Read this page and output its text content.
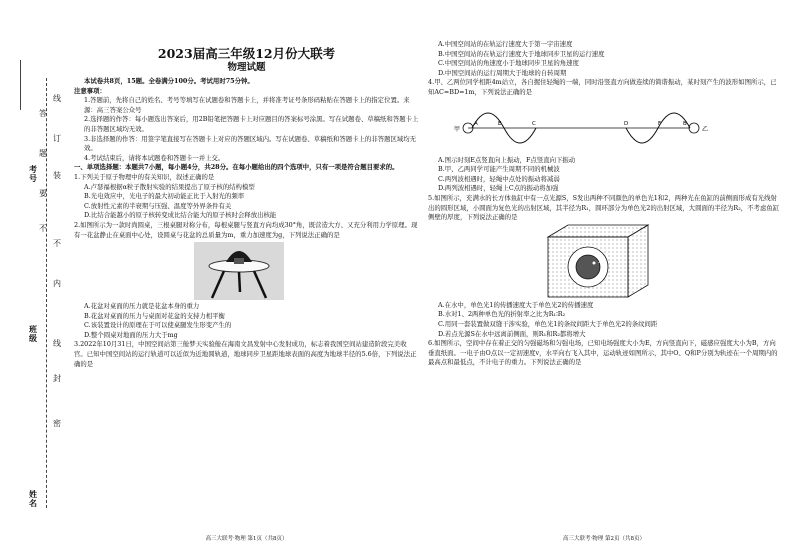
考号
班级
姓名
线
订
装
不
内
线
封
密
答
题
要
不
2023届高三年级12月份大联考
物理试题

本试卷共8页，15题。全卷满分100分。考试用时75分钟。

注意事项：

1.答题前，先将自己的姓名、考号等填写在试题卷和答题卡上，并将准考证号条形码粘贴在答题卡上的指定位置。来源：高三答案公众号

2.选择题的作答：每小题选出答案后，用2B铅笔把答题卡上对应题目的答案标号涂黑。写在试题卷、草稿纸和答题卡上的非答题区域均无效。

3.非选择题的作答：用签字笔直接写在答题卡上对应的答题区域内。写在试题卷、草稿纸和答题卡上的非答题区域均无效。

4.考试结束后，请将本试题卷和答题卡一并上交。

一、单项选择题：本题共7小题，每小题4分，共28分。在每小题给出的四个选项中，只有一项是符合题目要求的。

1.下列关于原子物理中的有关知识，叙述正确的是

A.卢瑟福根据α粒子散射实验的结果提出了原子核的结构模型

B.光电效应中，光电子的最大初动能正比于入射光的频率

C.放射性元素的半衰期与压强、温度等外界条件有关

D.比结合能越小的原子核转变成比结合能大的原子核时会释放出核能

2.如图所示为一款时尚圆桌，三根桌腿对称分布，每根桌腿与竖直方向均成30°角，既营造大方、又充分利用力学原理。现有一花盆静止在桌面中心处，设圆桌与花盆的总质量为m，重力加速度为g，下列说法正确的是

A.花盆对桌面的压力就是花盆本身的重力

B.花盆对桌面的压力与桌面对花盆的支持力相平衡

C.该装置设计的原理在于可以使桌腿发生形变产生的

D.整个圆桌对地面的压力大于mg

3.2022年10月31日，中国空间站第三舱梦天实验舱在海南文昌发射中心发射成功，标志着我国空间站建造阶段完美收官。已知中国空间站的运行轨道可以近似为近地圆轨道，地球同步卫星距地球表面的高度为地球半径的5.6倍，下列说法正确的是

高三大联考·物理 第1页（共8页）

A.中国空间站的在轨运行速度大于第一宇宙速度

B.中国空间站的在轨运行速度大于地球同步卫星的运行速度

C.中国空间站的角速度小于地球同步卫星的角速度

D.中国空间站的运行周期大于地球的自转周期

4.甲、乙两位同学相距4m站立，各自握住轻绳的一端，同时沿竖直方向做连续的简谐振动，某时刻产生的波形如图所示，已知AC=BD=1m，下列说法正确的是

甲	乙
A	E	C	D	F	B

A.图示时刻E点竖直向上振动，F点竖直向下振动

B.甲、乙两同学可能产生周期不同的机械波

C.两列波相遇时，轻绳中点处的振动将减弱

D.两列波相遇时，轻绳上C点的振动将加强

5.如图所示，充满水的长方体鱼缸中有一点光源S，S发出两种不同颜色的单色光1和2，两种光在鱼缸的前侧面形成有光线射出的圆形区域，小圆面为复色光的出射区域，其半径为R₁，圆环部分为单色光2的出射区域，大圆面的半径为R₂，不考虑鱼缸侧壁的厚度，下列说法正确的是

S

A.在水中，单色光1的传播速度大于单色光2的传播速度

B.水对1、2两种单色光的折射率之比为R₁∶R₂

C.用同一套装置做双缝干涉实验，单色光1的条纹间距大于单色光2的条纹间距

D.若点光源S在水中远离前侧面，则R₁和R₂都将增大

6.如图所示，空间中存在着正交的匀强磁场和匀强电场，已知电场强度大小为E，方向竖直向下，磁感应强度大小为B，方向垂直纸面。一电子由O点以一定初速度v，水平向右飞入其中，运动轨迹如图所示，其中O、Q和P分别为轨迹在一个周期内的最高点和最低点，不计电子的重力。下列说法正确的是

高三大联考·物理 第2页（共8页）
